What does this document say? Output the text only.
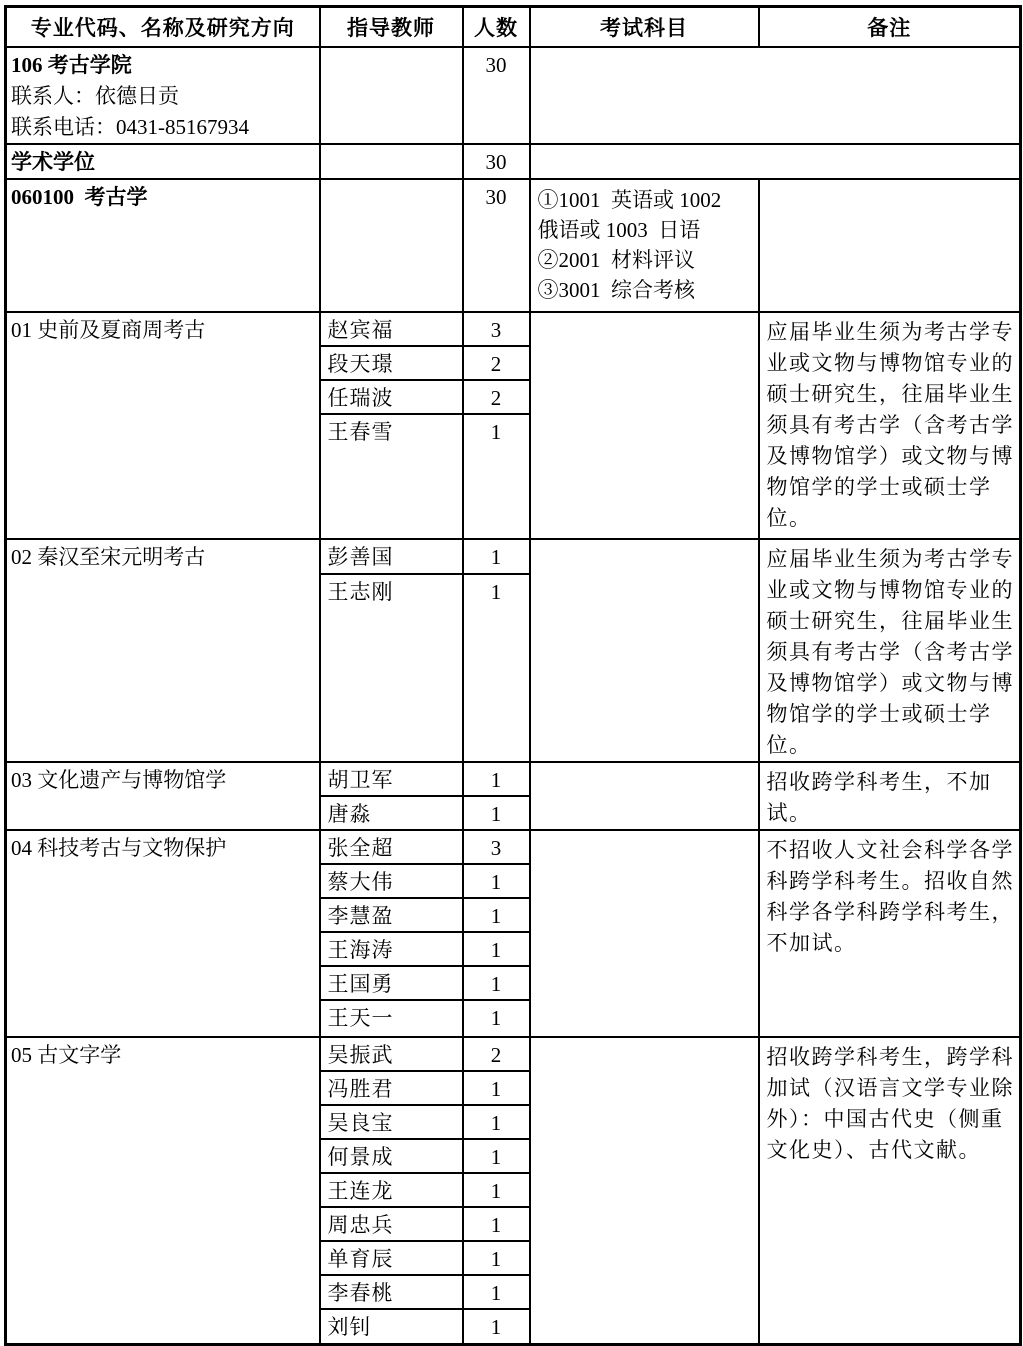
专业代码、名称及研究方向	指导教师	人数	考试科目	备注

106 考古学院
联系人：依德日贡
联系电话：0431-85167934		30		
学术学位		30		

060100  考古学		30	①1001  英语或 1002 俄语或 1003  日语
②2001  材料评议
③3001  综合考核	

01 史前及夏商周考古	赵宾福	3		应届毕业生须为考古学专业或文物与博物馆专业的硕士研究生，往届毕业生须具有考古学（含考古学及博物馆学）或文物与博物馆学的学士或硕士学位。
	段天璟	2		
	任瑞波	2		
	王春雪	1		
02 秦汉至宋元明考古	彭善国	1		应届毕业生须为考古学专业或文物与博物馆专业的硕士研究生，往届毕业生须具有考古学（含考古学及博物馆学）或文物与博物馆学的学士或硕士学位。
	王志刚	1		
03 文化遗产与博物馆学	胡卫军	1		招收跨学科考生，不加试。
	唐淼	1		
04 科技考古与文物保护	张全超	3		不招收人文社会科学各学科跨学科考生。招收自然科学各学科跨学科考生，不加试。
	蔡大伟	1		
	李慧盈	1		
	王海涛	1		
	王国勇	1		
	王天一	1		
05 古文字学	吴振武	2		招收跨学科考生，跨学科加试（汉语言文学专业除外）：中国古代史（侧重文化史）、古代文献。
	冯胜君	1		
	吴良宝	1		
	何景成	1		
	王连龙	1		
	周忠兵	1		
	单育辰	1		
	李春桃	1		
	刘钊	1		
